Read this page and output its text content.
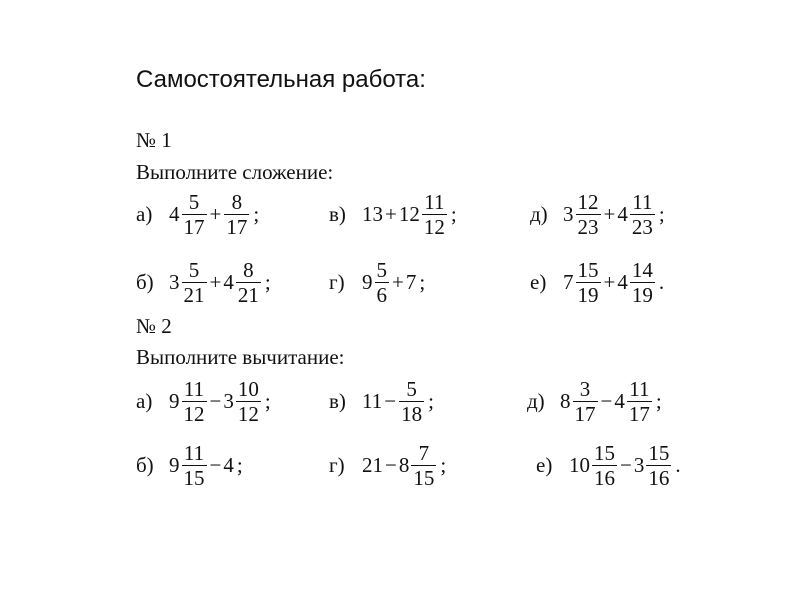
Самостоятельная работа:
№ 1
Выполните сложение:
а) $4 \frac{5}{17} + \frac{8}{17}$ ;	в) $13 + 12 \frac{11}{12}$ ;	д) $3 \frac{12}{23} + 4 \frac{11}{23}$ ;
б) $3 \frac{5}{21} + 4 \frac{8}{21}$ ;	г) $9 \frac{5}{6} + 7$ ;	е) $7 \frac{15}{19} + 4 \frac{14}{19}$ .
№ 2
Выполните вычитание:
а) $9 \frac{11}{12} - 3 \frac{10}{12}$ ;	в) $11 - \frac{5}{18}$ ;	д) $8 \frac{3}{17} - 4 \frac{11}{17}$ ;
б) $9 \frac{11}{15} - 4$ ;	г) $21 - 8 \frac{7}{15}$ ;	е) $10 \frac{15}{16} - 3 \frac{15}{16}$ .
